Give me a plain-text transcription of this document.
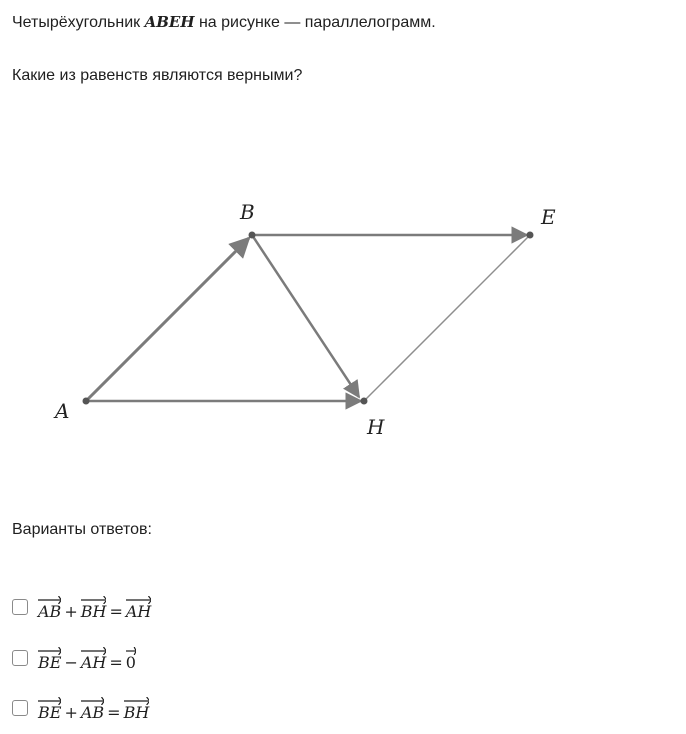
Четырёхугольник ABEH на рисунке — параллелограмм.
Какие из равенств являются верными?
A
B	E
H
Варианты ответов:
AB + BH = AH
BE − AH = 0
BE + AB = BH
